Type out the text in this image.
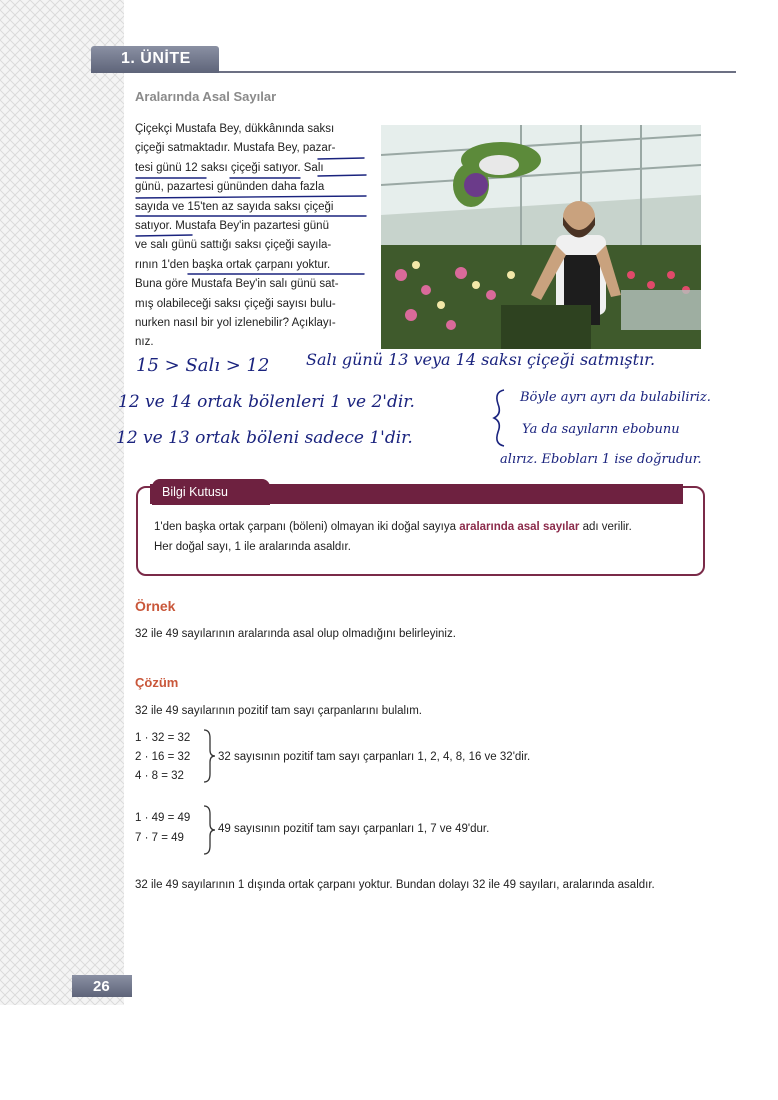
1. ÜNİTE
Aralarında Asal Sayılar
Çiçekçi Mustafa Bey, dükkânında saksı
çiçeği satmaktadır. Mustafa Bey, pazar-
tesi günü 12 saksı çiçeği satıyor. Salı
günü, pazartesi gününden daha fazla
sayıda ve 15'ten az sayıda saksı çiçeği
satıyor. Mustafa Bey'in pazartesi günü
ve salı günü sattığı saksı çiçeği sayıla-
rının 1'den başka ortak çarpanı yoktur.
Buna göre Mustafa Bey'in salı günü sat-
mış olabileceği saksı çiçeği sayısı bulu-
nurken nasıl bir yol izlenebilir? Açıklayı-
nız.
15 > Salı > 12 Salı günü 13 veya 14 saksı çiçeği satmıştır.
12 ve 14 ortak bölenleri 1 ve 2'dir.
12 ve 13 ortak böleni sadece 1'dir.
Böyle ayrı ayrı da bulabiliriz.
Ya da sayıların ebobunu
alırız. Ebobları 1 ise doğrudur.
Bilgi Kutusu
1'den başka ortak çarpanı (böleni) olmayan iki doğal sayıya aralarında asal sayılar adı verilir.
Her doğal sayı, 1 ile aralarında asaldır.
Örnek
32 ile 49 sayılarının aralarında asal olup olmadığını belirleyiniz.
Çözüm
32 ile 49 sayılarının pozitif tam sayı çarpanlarını bulalım.
1 · 32 = 32
2 · 16 = 32
4 · 8 = 32
32 sayısının pozitif tam sayı çarpanları 1, 2, 4, 8, 16 ve 32'dir.
1 · 49 = 49
7 · 7 = 49
49 sayısının pozitif tam sayı çarpanları 1, 7 ve 49'dur.
32 ile 49 sayılarının 1 dışında ortak çarpanı yoktur. Bundan dolayı 32 ile 49 sayıları, aralarında asaldır.
26
